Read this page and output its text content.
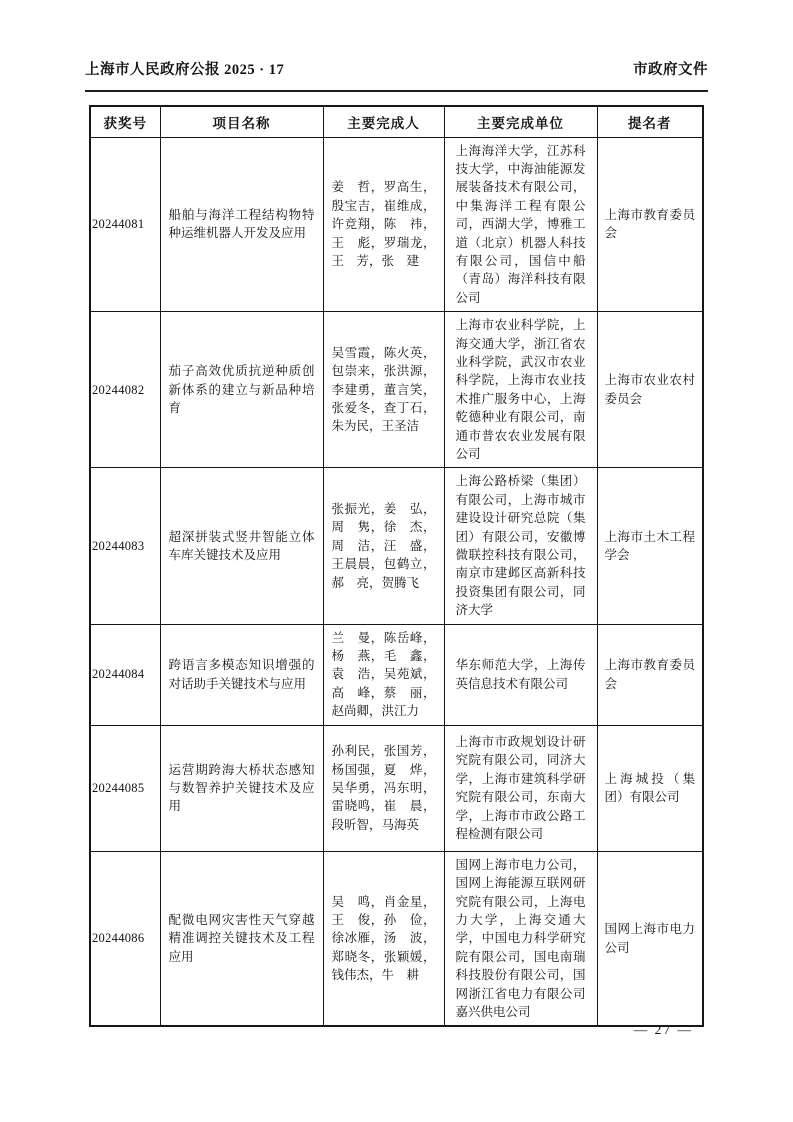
上海市人民政府公报 2025 · 17	市政府文件
获奖号	项目名称	主要完成人	主要完成单位	提名者
20244081	船舶与海洋工程结构物特种运维机器人开发及应用	姜　哲，罗高生，殷宝吉，崔维成，许竞翔，陈　祎，王　彪，罗瑞龙，王　芳，张　建	上海海洋大学，江苏科技大学，中海油能源发展装备技术有限公司，中集海洋工程有限公司，西湖大学，博雅工道（北京）机器人科技有限公司，国信中船（青岛）海洋科技有限公司	上海市教育委员会
20244082	茄子高效优质抗逆种质创新体系的建立与新品种培育	吴雪霞，陈火英，包崇来，张洪源，李建勇，董言笑，张爱冬，查丁石，朱为民，王圣洁	上海市农业科学院，上海交通大学，浙江省农业科学院，武汉市农业科学院，上海市农业技术推广服务中心，上海乾德种业有限公司，南通市普农农业发展有限公司	上海市农业农村委员会
20244083	超深拼装式竖井智能立体车库关键技术及应用	张振光，姜　弘，周　隽，徐　杰，周　洁，汪　盛，王晨晨，包鹤立，郝　亮，贺腾飞	上海公路桥梁（集团）有限公司，上海市城市建设设计研究总院（集团）有限公司，安徽博微联控科技有限公司，南京市建邺区高新科技投资集团有限公司，同济大学	上海市土木工程学会
20244084	跨语言多模态知识增强的对话助手关键技术与应用	兰　曼，陈岳峰，杨　燕，毛　鑫，袁　浩，吴苑斌，高　峰，蔡　丽，赵尚卿，洪江力	华东师范大学，上海传英信息技术有限公司	上海市教育委员会
20244085	运营期跨海大桥状态感知与数智养护关键技术及应用	孙利民，张国芳，杨国强，夏　烨，吴华勇，冯东明，雷晓鸣，崔　晨，段昕智，马海英	上海市市政规划设计研究院有限公司，同济大学，上海市建筑科学研究院有限公司，东南大学，上海市市政公路工程检测有限公司	上海城投（集团）有限公司
20244086	配微电网灾害性天气穿越精准调控关键技术及工程应用	吴　鸣，肖金星，王　俊，孙　俭，徐冰雁，汤　波，郑晓冬，张颖媛，钱伟杰，牛　耕	国网上海市电力公司，国网上海能源互联网研究院有限公司，上海电力大学，上海交通大学，中国电力科学研究院有限公司，国电南瑞科技股份有限公司，国网浙江省电力有限公司嘉兴供电公司	国网上海市电力公司
— 27 —
